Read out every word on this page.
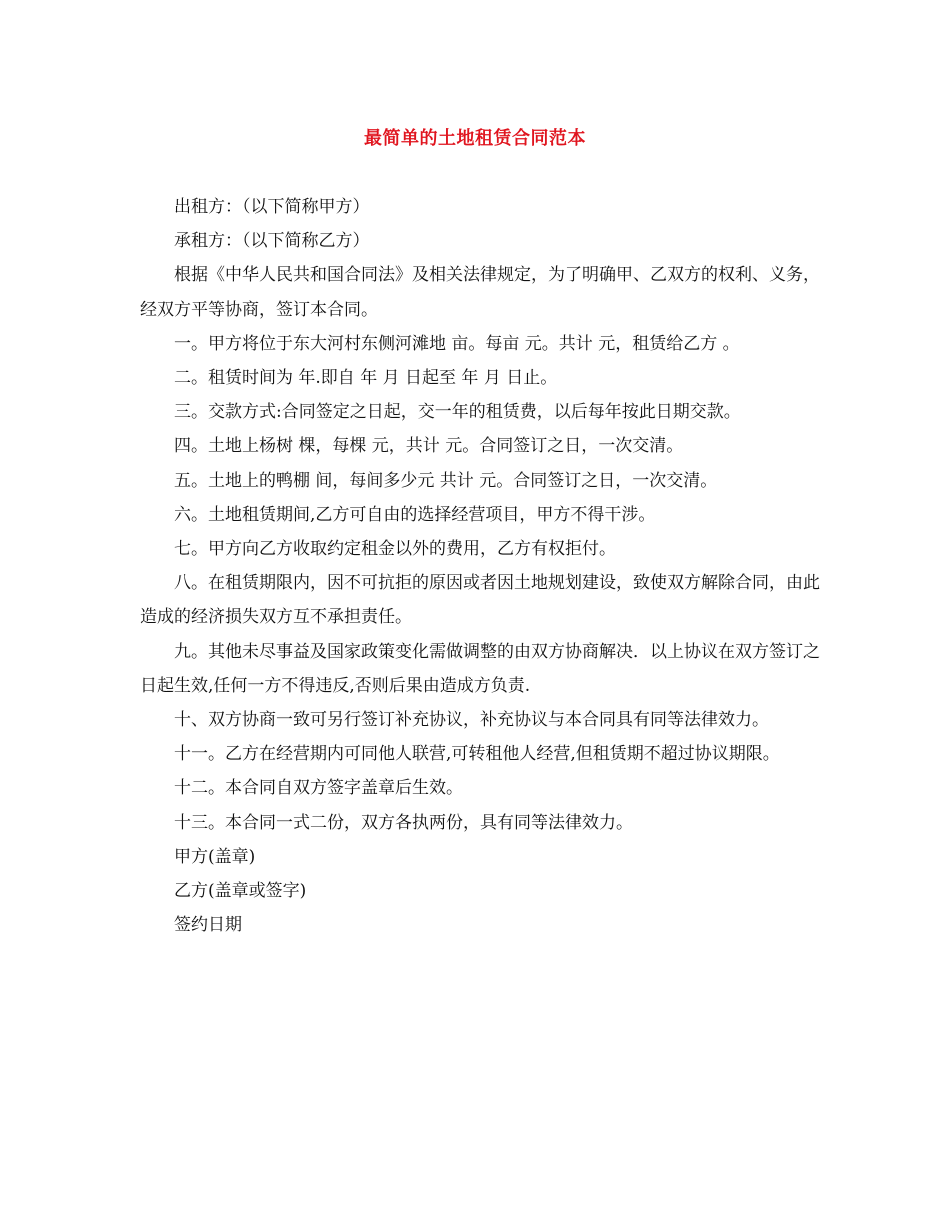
最简单的土地租赁合同范本

出租方：（以下简称甲方）

承租方：（以下简称乙方）

根据《中华人民共和国合同法》及相关法律规定，为了明确甲、乙双方的权利、义务，经双方平等协商，签订本合同。

一。甲方将位于东大河村东侧河滩地 亩。每亩 元。共计 元，租赁给乙方 。

二。租赁时间为 年.即自 年 月 日起至 年 月 日止。

三。交款方式:合同签定之日起，交一年的租赁费，以后每年按此日期交款。

四。土地上杨树 棵，每棵 元，共计 元。合同签订之日，一次交清。

五。土地上的鸭棚 间，每间多少元 共计 元。合同签订之日，一次交清。

六。土地租赁期间,乙方可自由的选择经营项目，甲方不得干涉。

七。甲方向乙方收取约定租金以外的费用，乙方有权拒付。

八。在租赁期限内，因不可抗拒的原因或者因土地规划建设，致使双方解除合同，由此造成的经济损失双方互不承担责任。

九。其他未尽事益及国家政策变化需做调整的由双方协商解决．以上协议在双方签订之日起生效,任何一方不得违反,否则后果由造成方负责.

十、双方协商一致可另行签订补充协议，补充协议与本合同具有同等法律效力。

十一。乙方在经营期内可同他人联营,可转租他人经营,但租赁期不超过协议期限。

十二。本合同自双方签字盖章后生效。

十三。本合同一式二份，双方各执两份，具有同等法律效力。

甲方(盖章)

乙方(盖章或签字)

签约日期
